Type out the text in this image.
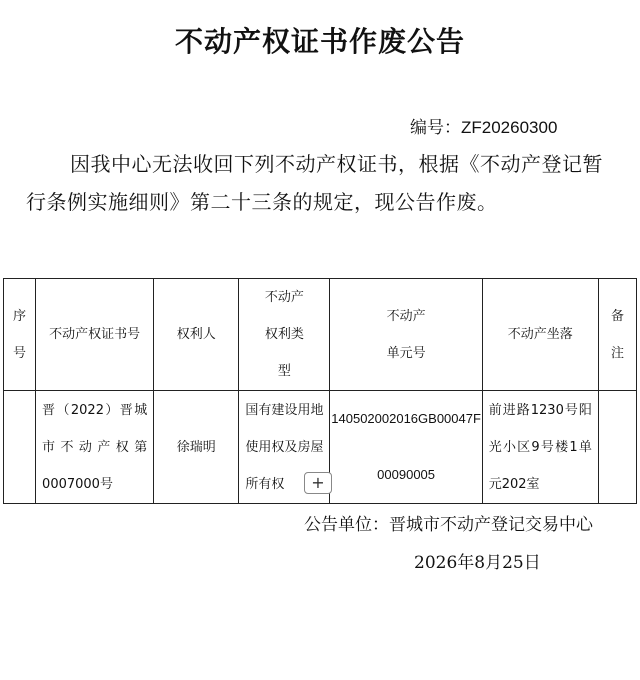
不动产权证书作废公告
编号：ZF20260300
因我中心无法收回下列不动产权证书，根据《不动产登记暂行条例实施细则》第二十三条的规定，现公告作废。
序号	不动产权证书号	权利人	不动产权利类型	不动产单元号	不动产坐落	备注
	晋（2022）晋城市不动产权第0007000号	徐瑞明	国有建设用地使用权及房屋所有权	140502002016GB00047F00090005	前进路1230号阳光小区9号楼1单元202室	
+
公告单位：晋城市不动产登记交易中心
2026年8月25日
